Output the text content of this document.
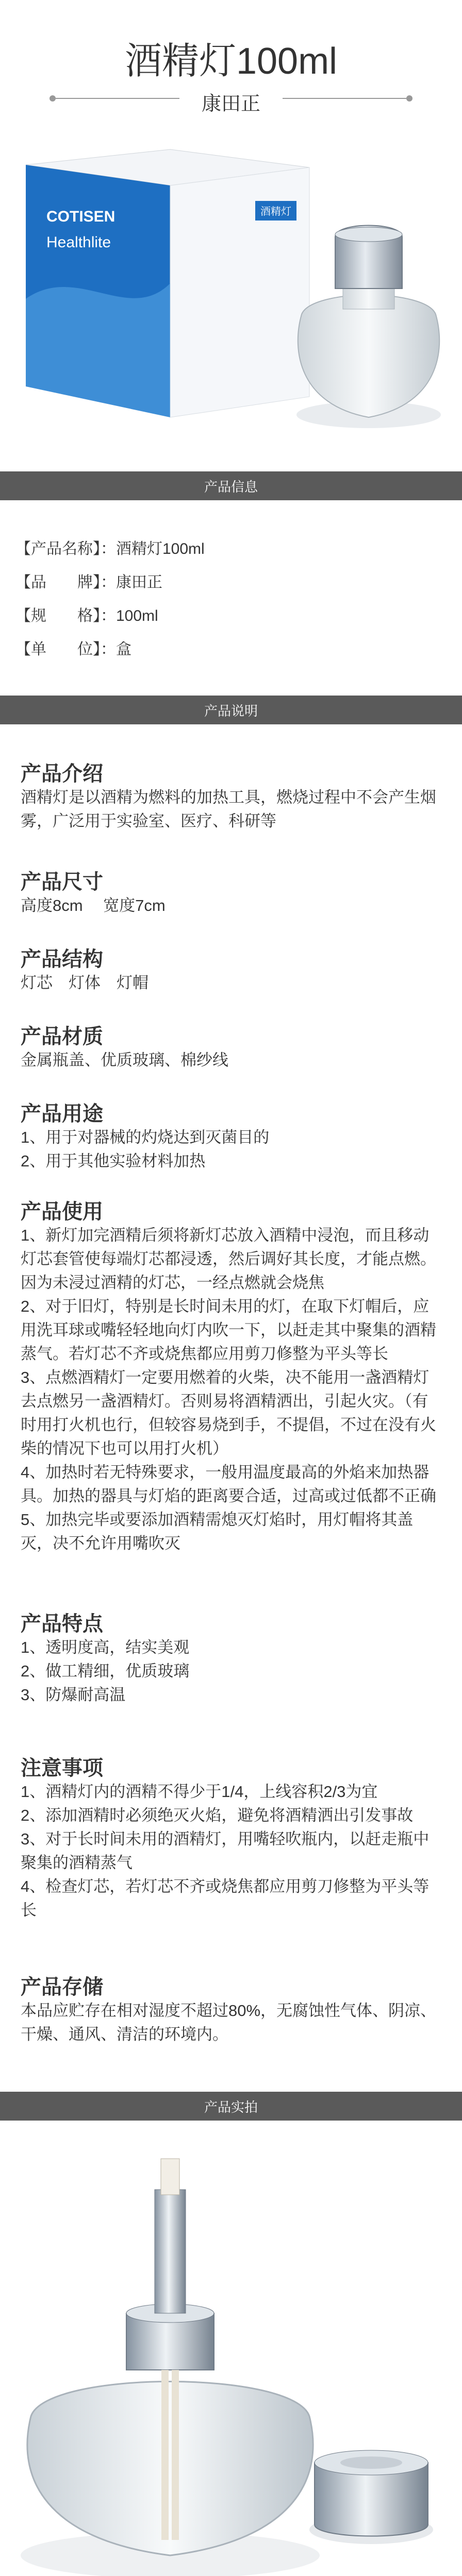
酒精灯100ml
康田正
COTISEN
Healthlite
酒精灯
产品信息
【产品名称】：酒精灯100ml
【品　　牌】：康田正
【规　　格】：100ml
【单　　位】：盒
产品说明
产品介绍

酒精灯是以酒精为燃料的加热工具，燃烧过程中不会产生烟雾，广泛用于实验室、医疗、科研等

产品尺寸

高度8cm　 宽度7cm

产品结构

灯芯　灯体　灯帽

产品材质

金属瓶盖、优质玻璃、棉纱线

产品用途

1、用于对器械的灼烧达到灭菌目的

2、用于其他实验材料加热

产品使用

1、新灯加完酒精后须将新灯芯放入酒精中浸泡，而且移动灯芯套管使每端灯芯都浸透，然后调好其长度，才能点燃。因为未浸过酒精的灯芯，一经点燃就会烧焦

2、对于旧灯，特别是长时间未用的灯，在取下灯帽后，应用洗耳球或嘴轻轻地向灯内吹一下，以赶走其中聚集的酒精蒸气。若灯芯不齐或烧焦都应用剪刀修整为平头等长

3、点燃酒精灯一定要用燃着的火柴，决不能用一盏酒精灯去点燃另一盏酒精灯。否则易将酒精洒出，引起火灾。（有时用打火机也行，但较容易烧到手，不提倡，不过在没有火柴的情况下也可以用打火机）

4、加热时若无特殊要求，一般用温度最高的外焰来加热器具。加热的器具与灯焰的距离要合适，过高或过低都不正确5、加热完毕或要添加酒精需熄灭灯焰时，用灯帽将其盖灭，决不允许用嘴吹灭

产品特点

1、透明度高，结实美观

2、做工精细，优质玻璃

3、防爆耐高温

注意事项

1、酒精灯内的酒精不得少于1/4，上线容积2/3为宜

2、添加酒精时必须绝灭火焰，避免将酒精洒出引发事故

3、对于长时间未用的酒精灯，用嘴轻吹瓶内，以赶走瓶中聚集的酒精蒸气

4、检查灯芯，若灯芯不齐或烧焦都应用剪刀修整为平头等长

产品存储

本品应贮存在相对湿度不超过80%，无腐蚀性气体、阴凉、干燥、通风、清洁的环境内。

产品实拍
